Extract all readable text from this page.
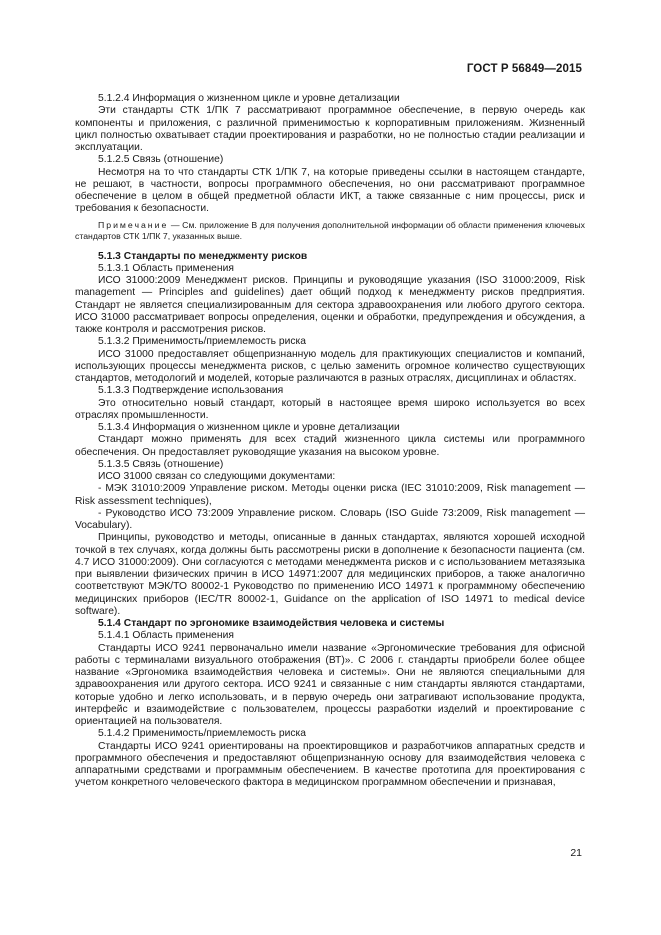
ГОСТ Р 56849—2015
5.1.2.4 Информация о жизненном цикле и уровне детализации
Эти стандарты СТК 1/ПК 7 рассматривают программное обеспечение, в первую очередь как компоненты и приложения, с различной применимостью к корпоративным приложениям. Жизненный цикл полностью охватывает стадии проектирования и разработки, но не полностью стадии реализации и эксплуатации.
5.1.2.5 Связь (отношение)
Несмотря на то что стандарты СТК 1/ПК 7, на которые приведены ссылки в настоящем стандарте, не решают, в частности, вопросы программного обеспечения, но они рассматривают программное обеспечение в целом в общей предметной области ИКТ, а также связанные с ним процессы, риск и требования к безопасности.
Примечание — См. приложение В для получения дополнительной информации об области применения ключевых стандартов СТК 1/ПК 7, указанных выше.
5.1.3 Стандарты по менеджменту рисков
5.1.3.1 Область применения
ИСО 31000:2009 Менеджмент рисков. Принципы и руководящие указания (ISO 31000:2009, Risk management — Principles and guidelines) дает общий подход к менеджменту рисков предприятия. Стандарт не является специализированным для сектора здравоохранения или любого другого сектора. ИСО 31000 рассматривает вопросы определения, оценки и обработки, предупреждения и обсуждения, а также контроля и рассмотрения рисков.
5.1.3.2 Применимость/приемлемость риска
ИСО 31000 предоставляет общепризнанную модель для практикующих специалистов и компаний, использующих процессы менеджмента рисков, с целью заменить огромное количество существующих стандартов, методологий и моделей, которые различаются в разных отраслях, дисциплинах и областях.
5.1.3.3 Подтверждение использования
Это относительно новый стандарт, который в настоящее время широко используется во всех отраслях промышленности.
5.1.3.4 Информация о жизненном цикле и уровне детализации
Стандарт можно применять для всех стадий жизненного цикла системы или программного обеспечения. Он предоставляет руководящие указания на высоком уровне.
5.1.3.5 Связь (отношение)
ИСО 31000 связан со следующими документами:
- МЭК 31010:2009 Управление риском. Методы оценки риска (IEC 31010:2009, Risk management — Risk assessment techniques),
- Руководство ИСО 73:2009 Управление риском. Словарь (ISO Guide 73:2009, Risk management — Vocabulary).
Принципы, руководство и методы, описанные в данных стандартах, являются хорошей исходной точкой в тех случаях, когда должны быть рассмотрены риски в дополнение к безопасности пациента (см. 4.7 ИСО 31000:2009). Они согласуются с методами менеджмента рисков и с использованием метазязыка при выявлении физических причин в ИСО 14971:2007 для медицинских приборов, а также аналогично соответствуют МЭК/ТО 80002-1 Руководство по применению ИСО 14971 к программному обеспечению медицинских приборов (IEC/TR 80002-1, Guidance on the application of ISO 14971 to medical device software).
5.1.4 Стандарт по эргономике взаимодействия человека и системы
5.1.4.1 Область применения
Стандарты ИСО 9241 первоначально имели название «Эргономические требования для офисной работы с терминалами визуального отображения (ВТ)». С 2006 г. стандарты приобрели более общее название «Эргономика взаимодействия человека и системы». Они не являются специальными для здравоохранения или другого сектора. ИСО 9241 и связанные с ним стандарты являются стандартами, которые удобно и легко использовать, и в первую очередь они затрагивают использование продукта, интерфейс и взаимодействие с пользователем, процессы разработки изделий и проектирование с ориентацией на пользователя.
5.1.4.2 Применимость/приемлемость риска
Стандарты ИСО 9241 ориентированы на проектировщиков и разработчиков аппаратных средств и программного обеспечения и предоставляют общепризнанную основу для взаимодействия человека с аппаратными средствами и программным обеспечением. В качестве прототипа для проектирования с учетом конкретного человеческого фактора в медицинском программном обеспечении и признавая,
21
